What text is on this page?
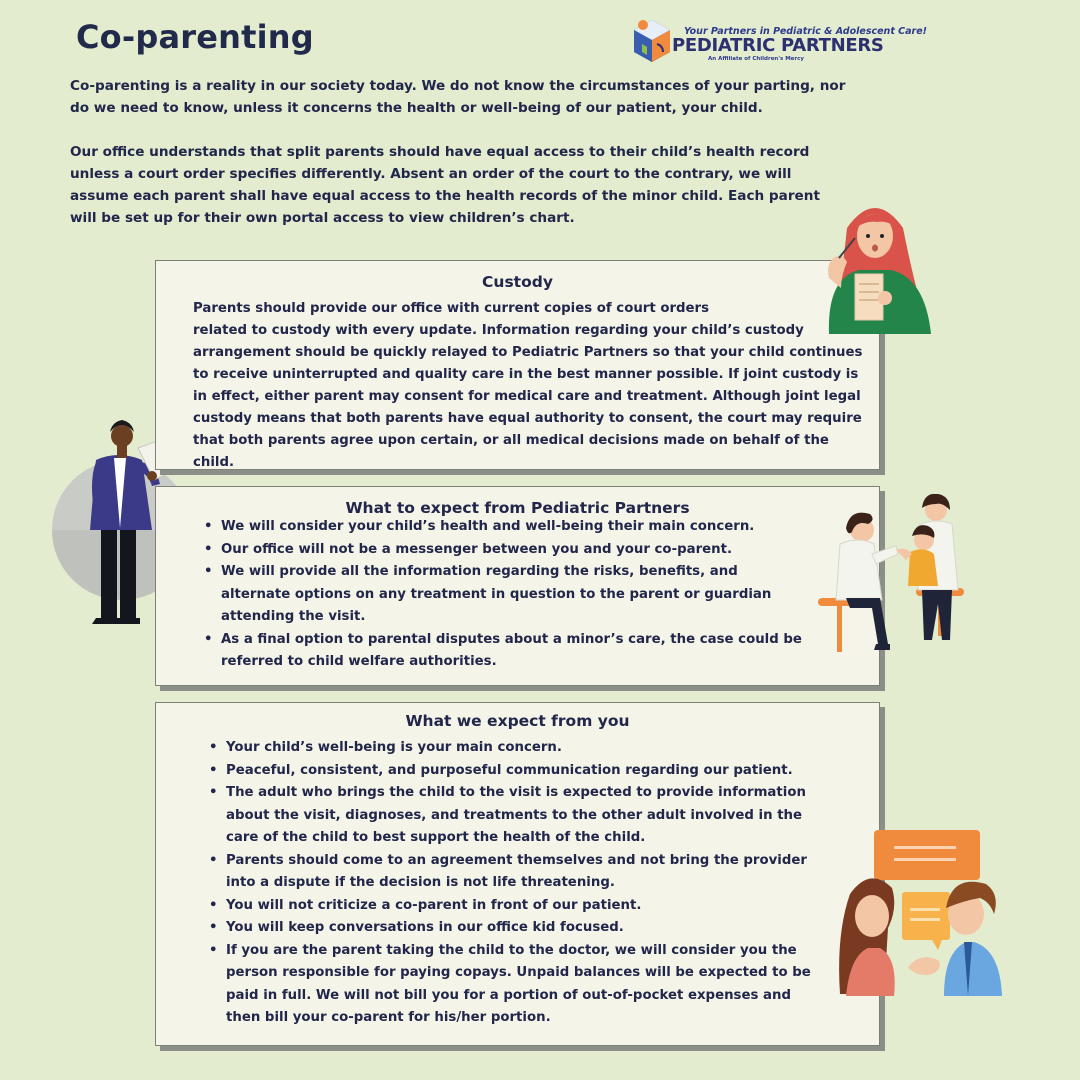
Co-parenting	Your Partners in Pediatric & Adolescent Care!
PEDIATRIC PARTNERS
An Affiliate of Children's Mercy

Co-parenting is a reality in our society today. We do not know the circumstances of your parting, nor do we need to know, unless it concerns the health or well-being of our patient, your child.

Our office understands that split parents should have equal access to their child’s health record unless a court order specifies differently. Absent an order of the court to the contrary, we will assume each parent shall have equal access to the health records of the minor child. Each parent will be set up for their own portal access to view children’s chart.

Custody

Parents should provide our office with current copies of court orders
related to custody with every update. Information regarding your child’s custody arrangement should be quickly relayed to Pediatric Partners so that your child continues to receive uninterrupted and quality care in the best manner possible. If joint custody is in effect, either parent may consent for medical care and treatment. Although joint legal custody means that both parents have equal authority to consent, the court may require that both parents agree upon certain, or all medical decisions made on behalf of the child.

What to expect from Pediatric Partners
• We will consider your child’s health and well-being their main concern.
• Our office will not be a messenger between you and your co-parent.
• We will provide all the information regarding the risks, benefits, and alternate options on any treatment in question to the parent or guardian attending the visit.
• As a final option to parental disputes about a minor’s care, the case could be referred to child welfare authorities.
What we expect from you
• Your child’s well-being is your main concern.
• Peaceful, consistent, and purposeful communication regarding our patient.
• The adult who brings the child to the visit is expected to provide information about the visit, diagnoses, and treatments to the other adult involved in the care of the child to best support the health of the child.
• Parents should come to an agreement themselves and not bring the provider into a dispute if the decision is not life threatening.
• You will not criticize a co-parent in front of our patient.
• You will keep conversations in our office kid focused.
• If you are the parent taking the child to the doctor, we will consider you the person responsible for paying copays. Unpaid balances will be expected to be paid in full. We will not bill you for a portion of out-of-pocket expenses and then bill your co-parent for his/her portion.
